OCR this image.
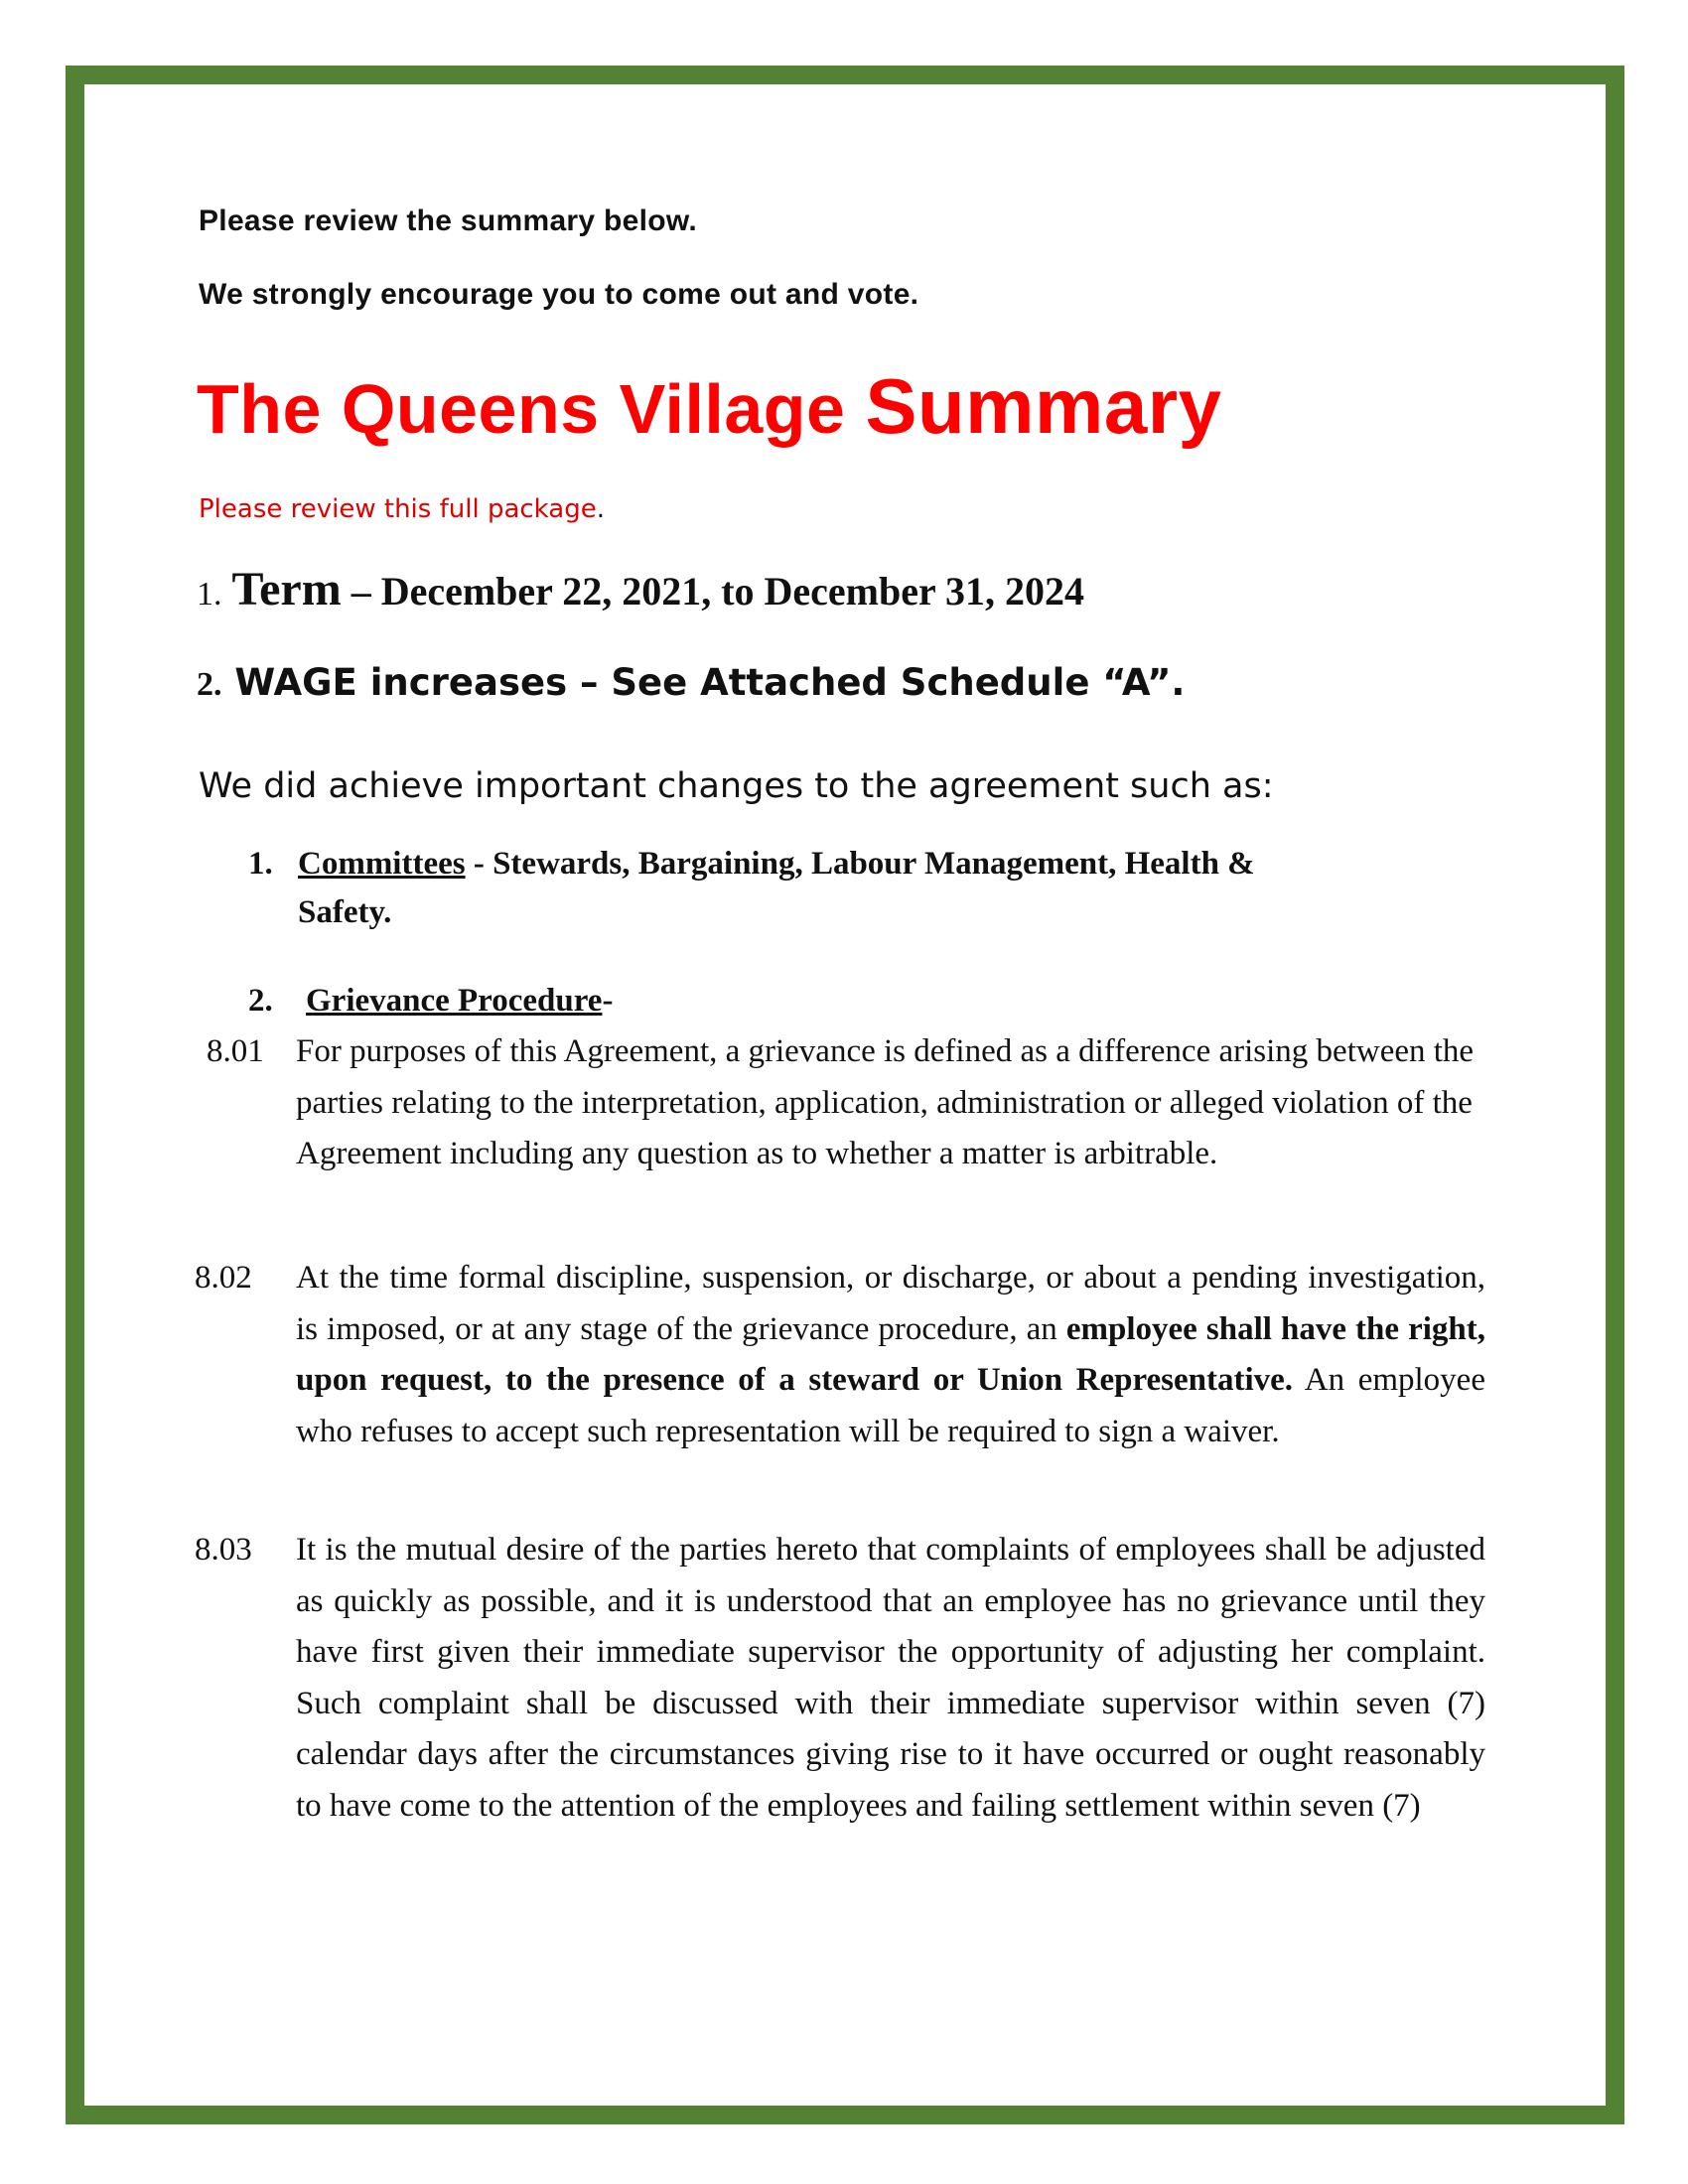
Please review the summary below.
We strongly encourage you to come out and vote.
The Queens Village Summary
Please review this full package.
1. Term – December 22, 2021, to December 31, 2024
2. WAGE increases – See Attached Schedule “A”.
We did achieve important changes to the agreement such as:
1. Committees - Stewards, Bargaining, Labour Management, Health &
Safety.
2. Grievance Procedure-
8.01 For purposes of this Agreement, a grievance is defined as a difference arising between the parties relating to the interpretation, application, administration or alleged violation of the Agreement including any question as to whether a matter is arbitrable.
8.02	At the time formal discipline, suspension, or discharge, or about a pending investigation, is imposed, or at any stage of the grievance procedure, an employee shall have the right, upon request, to the presence of a steward or Union Representative. An employee who refuses to accept such representation will be required to sign a waiver.
8.03	It is the mutual desire of the parties hereto that complaints of employees shall be adjusted as quickly as possible, and it is understood that an employee has no grievance until they have first given their immediate supervisor the opportunity of adjusting her complaint. Such complaint shall be discussed with their immediate supervisor within seven (7) calendar days after the circumstances giving rise to it have occurred or ought reasonably to have come to the attention of the employees and failing settlement within seven (7)
